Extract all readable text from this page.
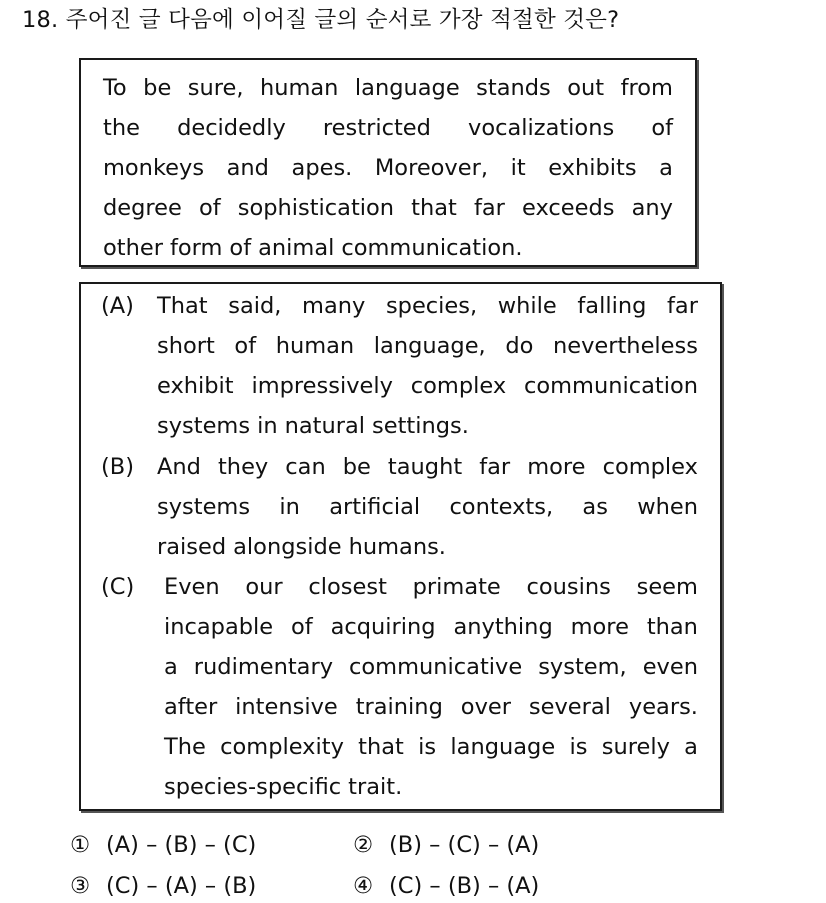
18. 주어진 글 다음에 이어질 글의 순서로 가장 적절한 것은?
To be sure, human language stands out from
the decidedly restricted vocalizations of
monkeys and apes. Moreover, it exhibits a
degree of sophistication that far exceeds any
other form of animal communication.
(A) That said, many species, while falling far
short of human language, do nevertheless
exhibit impressively complex communication
systems in natural settings.
(B) And they can be taught far more complex
systems in artificial contexts, as when
raised alongside humans.
(C) Even our closest primate cousins seem
incapable of acquiring anything more than
a rudimentary communicative system, even
after intensive training over several years.
The complexity that is language is surely a
species-specific trait.
① (A) – (B) – (C)	② (B) – (C) – (A)
③ (C) – (A) – (B)	④ (C) – (B) – (A)
